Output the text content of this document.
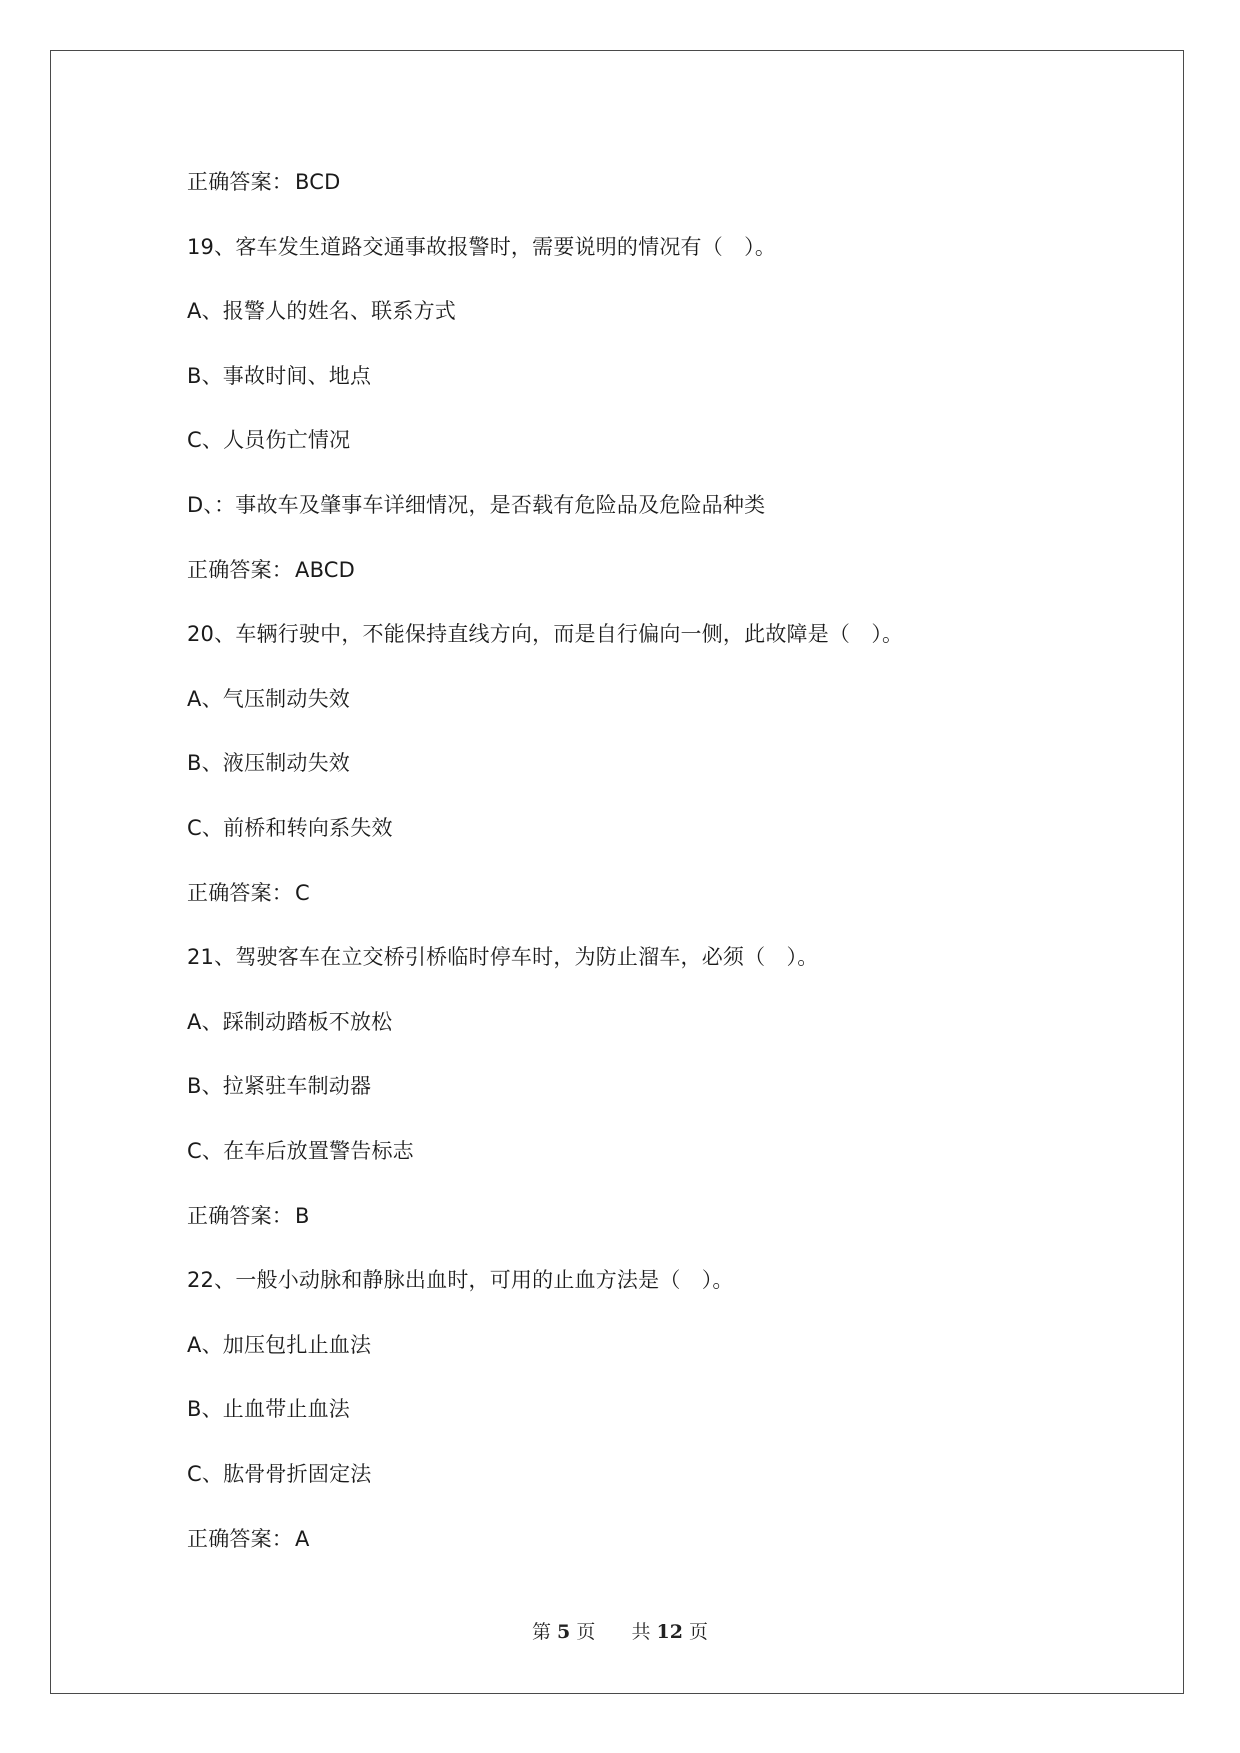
正确答案：BCD
19、客车发生道路交通事故报警时，需要说明的情况有（　）。
A、报警人的姓名、联系方式
B、事故时间、地点
C、人员伤亡情况
D、：事故车及肇事车详细情况，是否载有危险品及危险品种类
正确答案：ABCD
20、车辆行驶中，不能保持直线方向，而是自行偏向一侧，此故障是（　）。
A、气压制动失效
B、液压制动失效
C、前桥和转向系失效
正确答案：C
21、驾驶客车在立交桥引桥临时停车时，为防止溜车，必须（　）。
A、踩制动踏板不放松
B、拉紧驻车制动器
C、在车后放置警告标志
正确答案：B
22、一般小动脉和静脉出血时，可用的止血方法是（　）。
A、加压包扎止血法
B、止血带止血法
C、肱骨骨折固定法
正确答案：A
第 5 页 共 12 页
